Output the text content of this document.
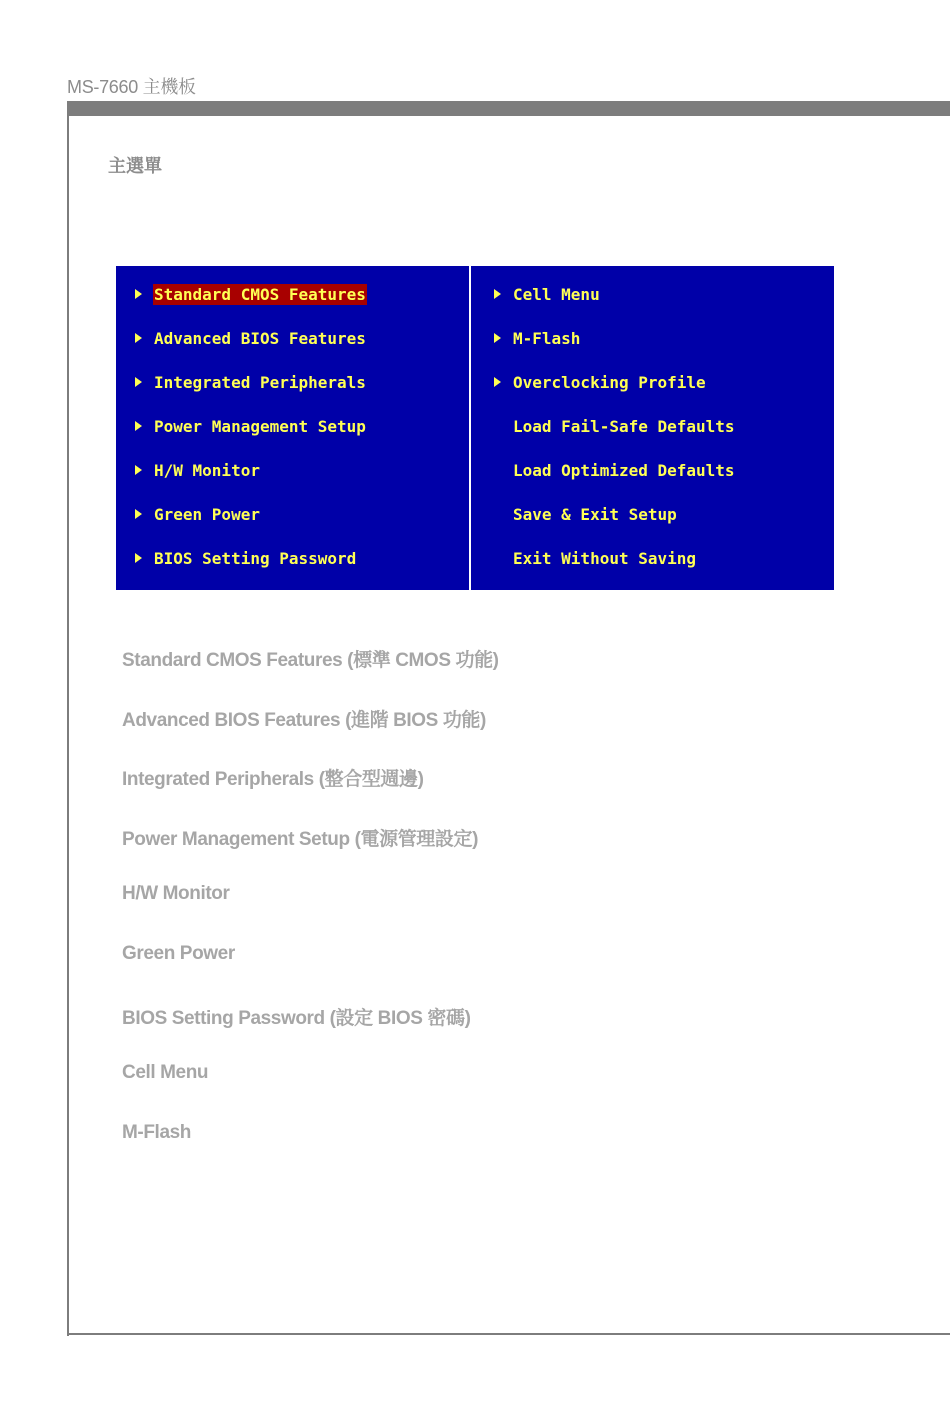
MS-7660 主機板
主選單
Standard CMOS Features
Advanced BIOS Features
Integrated Peripherals
Power Management Setup
H/W Monitor
Green Power
BIOS Setting Password
Cell Menu
M-Flash
Overclocking Profile
Load Fail-Safe Defaults
Load Optimized Defaults
Save & Exit Setup
Exit Without Saving
Standard CMOS Features (標準 CMOS 功能)
Advanced BIOS Features (進階 BIOS 功能)
Integrated Peripherals (整合型週邊)
Power Management Setup (電源管理設定)
H/W Monitor
Green Power
BIOS Setting Password (設定 BIOS 密碼)
Cell Menu
M-Flash
